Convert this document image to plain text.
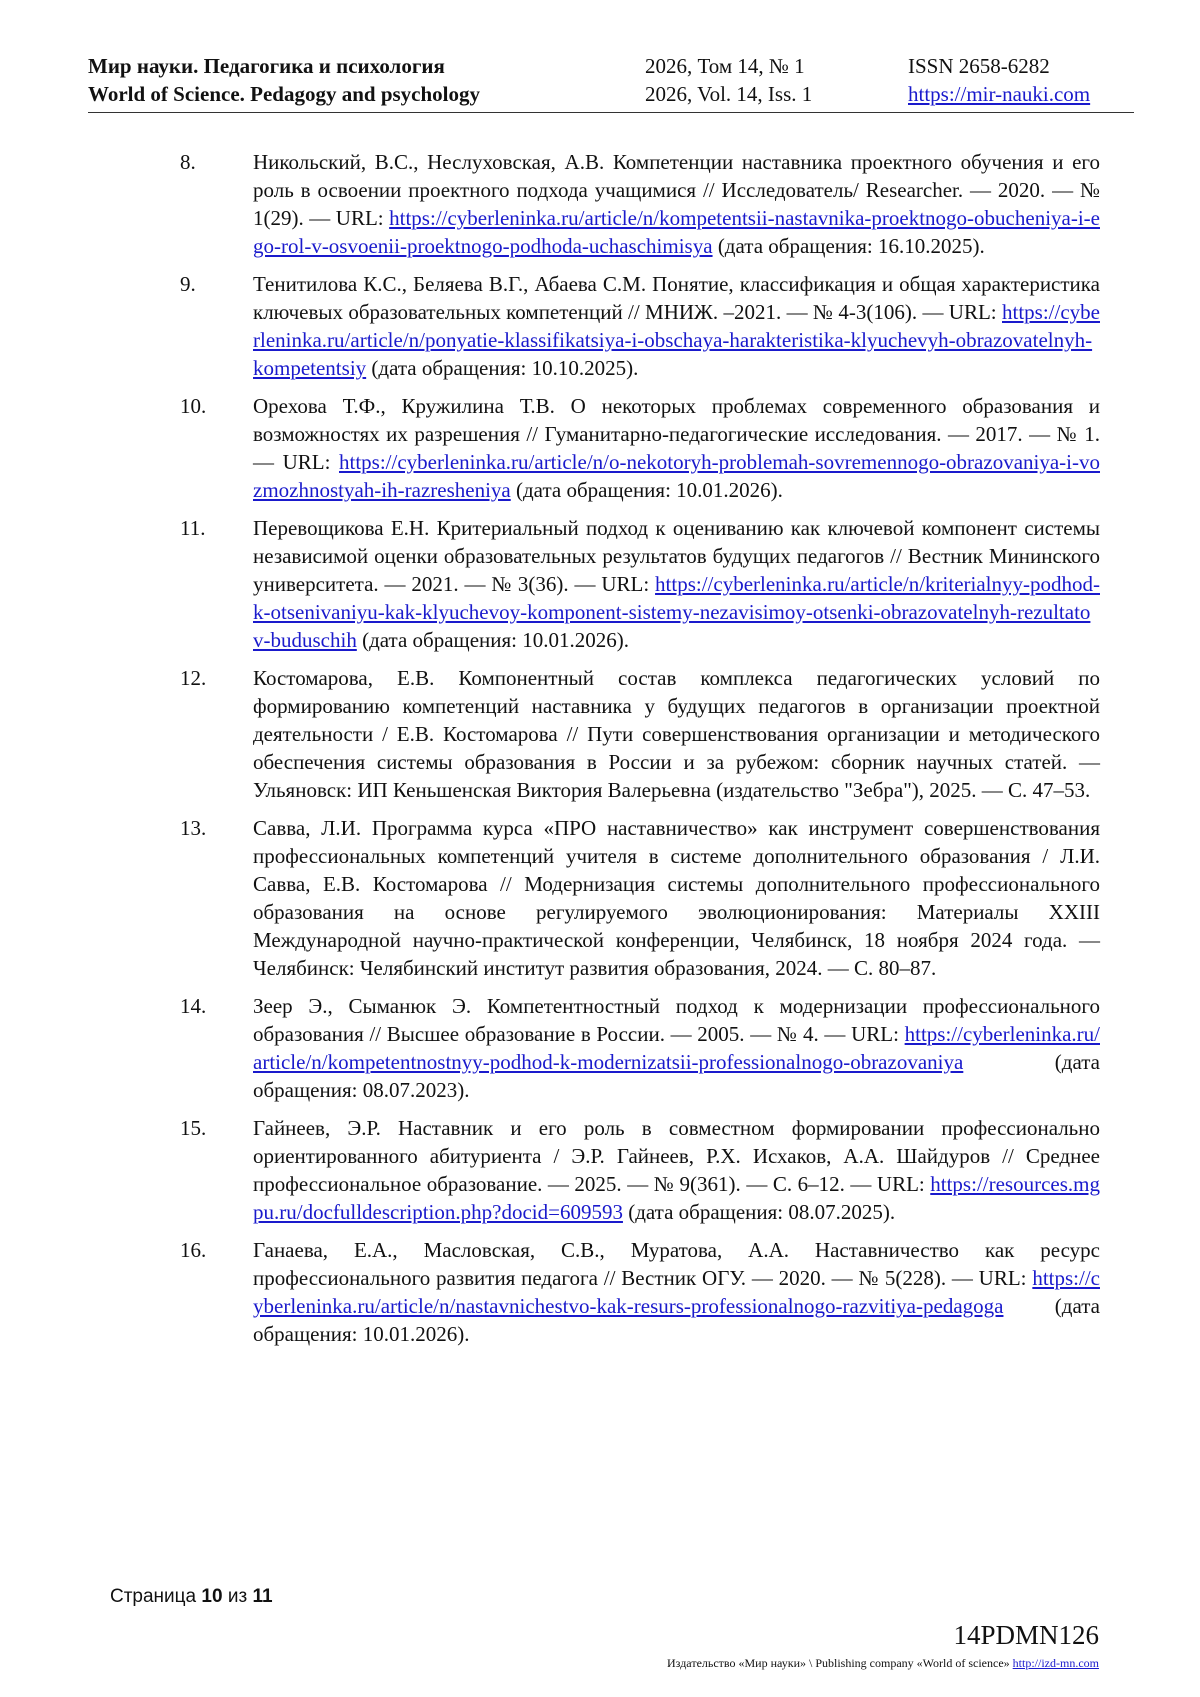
Мир науки. Педагогика и психология
World of Science. Pedagogy and psychology
2026, Том 14, № 1
2026, Vol. 14, Iss. 1
ISSN 2658-6282
https://mir-nauki.com
8.	Никольский, В.С., Неслуховская, А.В. Компетенции наставника проектного обучения и его роль в освоении проектного подхода учащимися // Исследователь/ Researcher. — 2020. — № 1(29). — URL: https://cyberleninka.ru/article/n/kompetentsii-nastavnika-proektnogo-obucheniya-i-ego-rol-v-osvoenii-proektnogo-podhoda-uchaschimisya (дата обращения: 16.10.2025).
9.	Тенитилова К.С., Беляева В.Г., Абаева С.М. Понятие, классификация и общая характеристика ключевых образовательных компетенций // МНИЖ. –2021. — № 4-3(106). — URL: https://cyberleninka.ru/article/n/ponyatie-klassifikatsiya-i-obschaya-harakteristika-klyuchevyh-obrazovatelnyh-kompetentsiy (дата обращения: 10.10.2025).
10. Орехова Т.Ф., Кружилина Т.В. О некоторых проблемах современного образования и возможностях их разрешения // Гуманитарно-педагогические исследования. — 2017. — № 1. — URL: https://cyberleninka.ru/article/n/o-nekotoryh-problemah-sovremennogo-obrazovaniya-i-vozmozhnostyah-ih-razresheniya (дата обращения: 10.01.2026).
11. Перевощикова Е.Н. Критериальный подход к оцениванию как ключевой компонент системы независимой оценки образовательных результатов будущих педагогов // Вестник Мининского университета. — 2021. — № 3(36). — URL: https://cyberleninka.ru/article/n/kriterialnyy-podhod-k-otsenivaniyu-kak-klyuchevoy-komponent-sistemy-nezavisimoy-otsenki-obrazovatelnyh-rezultatov-buduschih (дата обращения: 10.01.2026).
12. Костомарова, Е.В. Компонентный состав комплекса педагогических условий по формированию компетенций наставника у будущих педагогов в организации проектной деятельности / Е.В. Костомарова // Пути совершенствования организации и методического обеспечения системы образования в России и за рубежом: сборник научных статей. — Ульяновск: ИП Кеньшенская Виктория Валерьевна (издательство "Зебра"), 2025. — С. 47–53.
13. Савва, Л.И. Программа курса «ПРО наставничество» как инструмент совершенствования профессиональных компетенций учителя в системе дополнительного образования / Л.И. Савва, Е.В. Костомарова // Модернизация системы дополнительного профессионального образования на основе регулируемого эволюционирования: Материалы XXIII Международной научно-практической конференции, Челябинск, 18 ноября 2024 года. — Челябинск: Челябинский институт развития образования, 2024. — С. 80–87.
14. Зеер Э., Сыманюк Э. Компетентностный подход к модернизации профессионального образования // Высшее образование в России. — 2005. — № 4. — URL: https://cyberleninka.ru/article/n/kompetentnostnyy-podhod-k-modernizatsii-professionalnogo-obrazovaniya (дата обращения: 08.07.2023).
15. Гайнеев, Э.Р. Наставник и его роль в совместном формировании профессионально ориентированного абитуриента / Э.Р. Гайнеев, Р.Х. Исхаков, А.А. Шайдуров // Среднее профессиональное образование. — 2025. — № 9(361). — С. 6–12. — URL: https://resources.mgpu.ru/docfulldescription.php?docid=609593 (дата обращения: 08.07.2025).
16. Ганаева, Е.А., Масловская, С.В., Муратова, А.А. Наставничество как ресурс профессионального развития педагога // Вестник ОГУ. — 2020. — № 5(228). — URL: https://cyberleninka.ru/article/n/nastavnichestvo-kak-resurs-professionalnogo-razvitiya-pedagoga (дата обращения: 10.01.2026).
Страница 10 из 11
14PDMN126
Издательство «Мир науки» \ Publishing company «World of science» http://izd-mn.com
